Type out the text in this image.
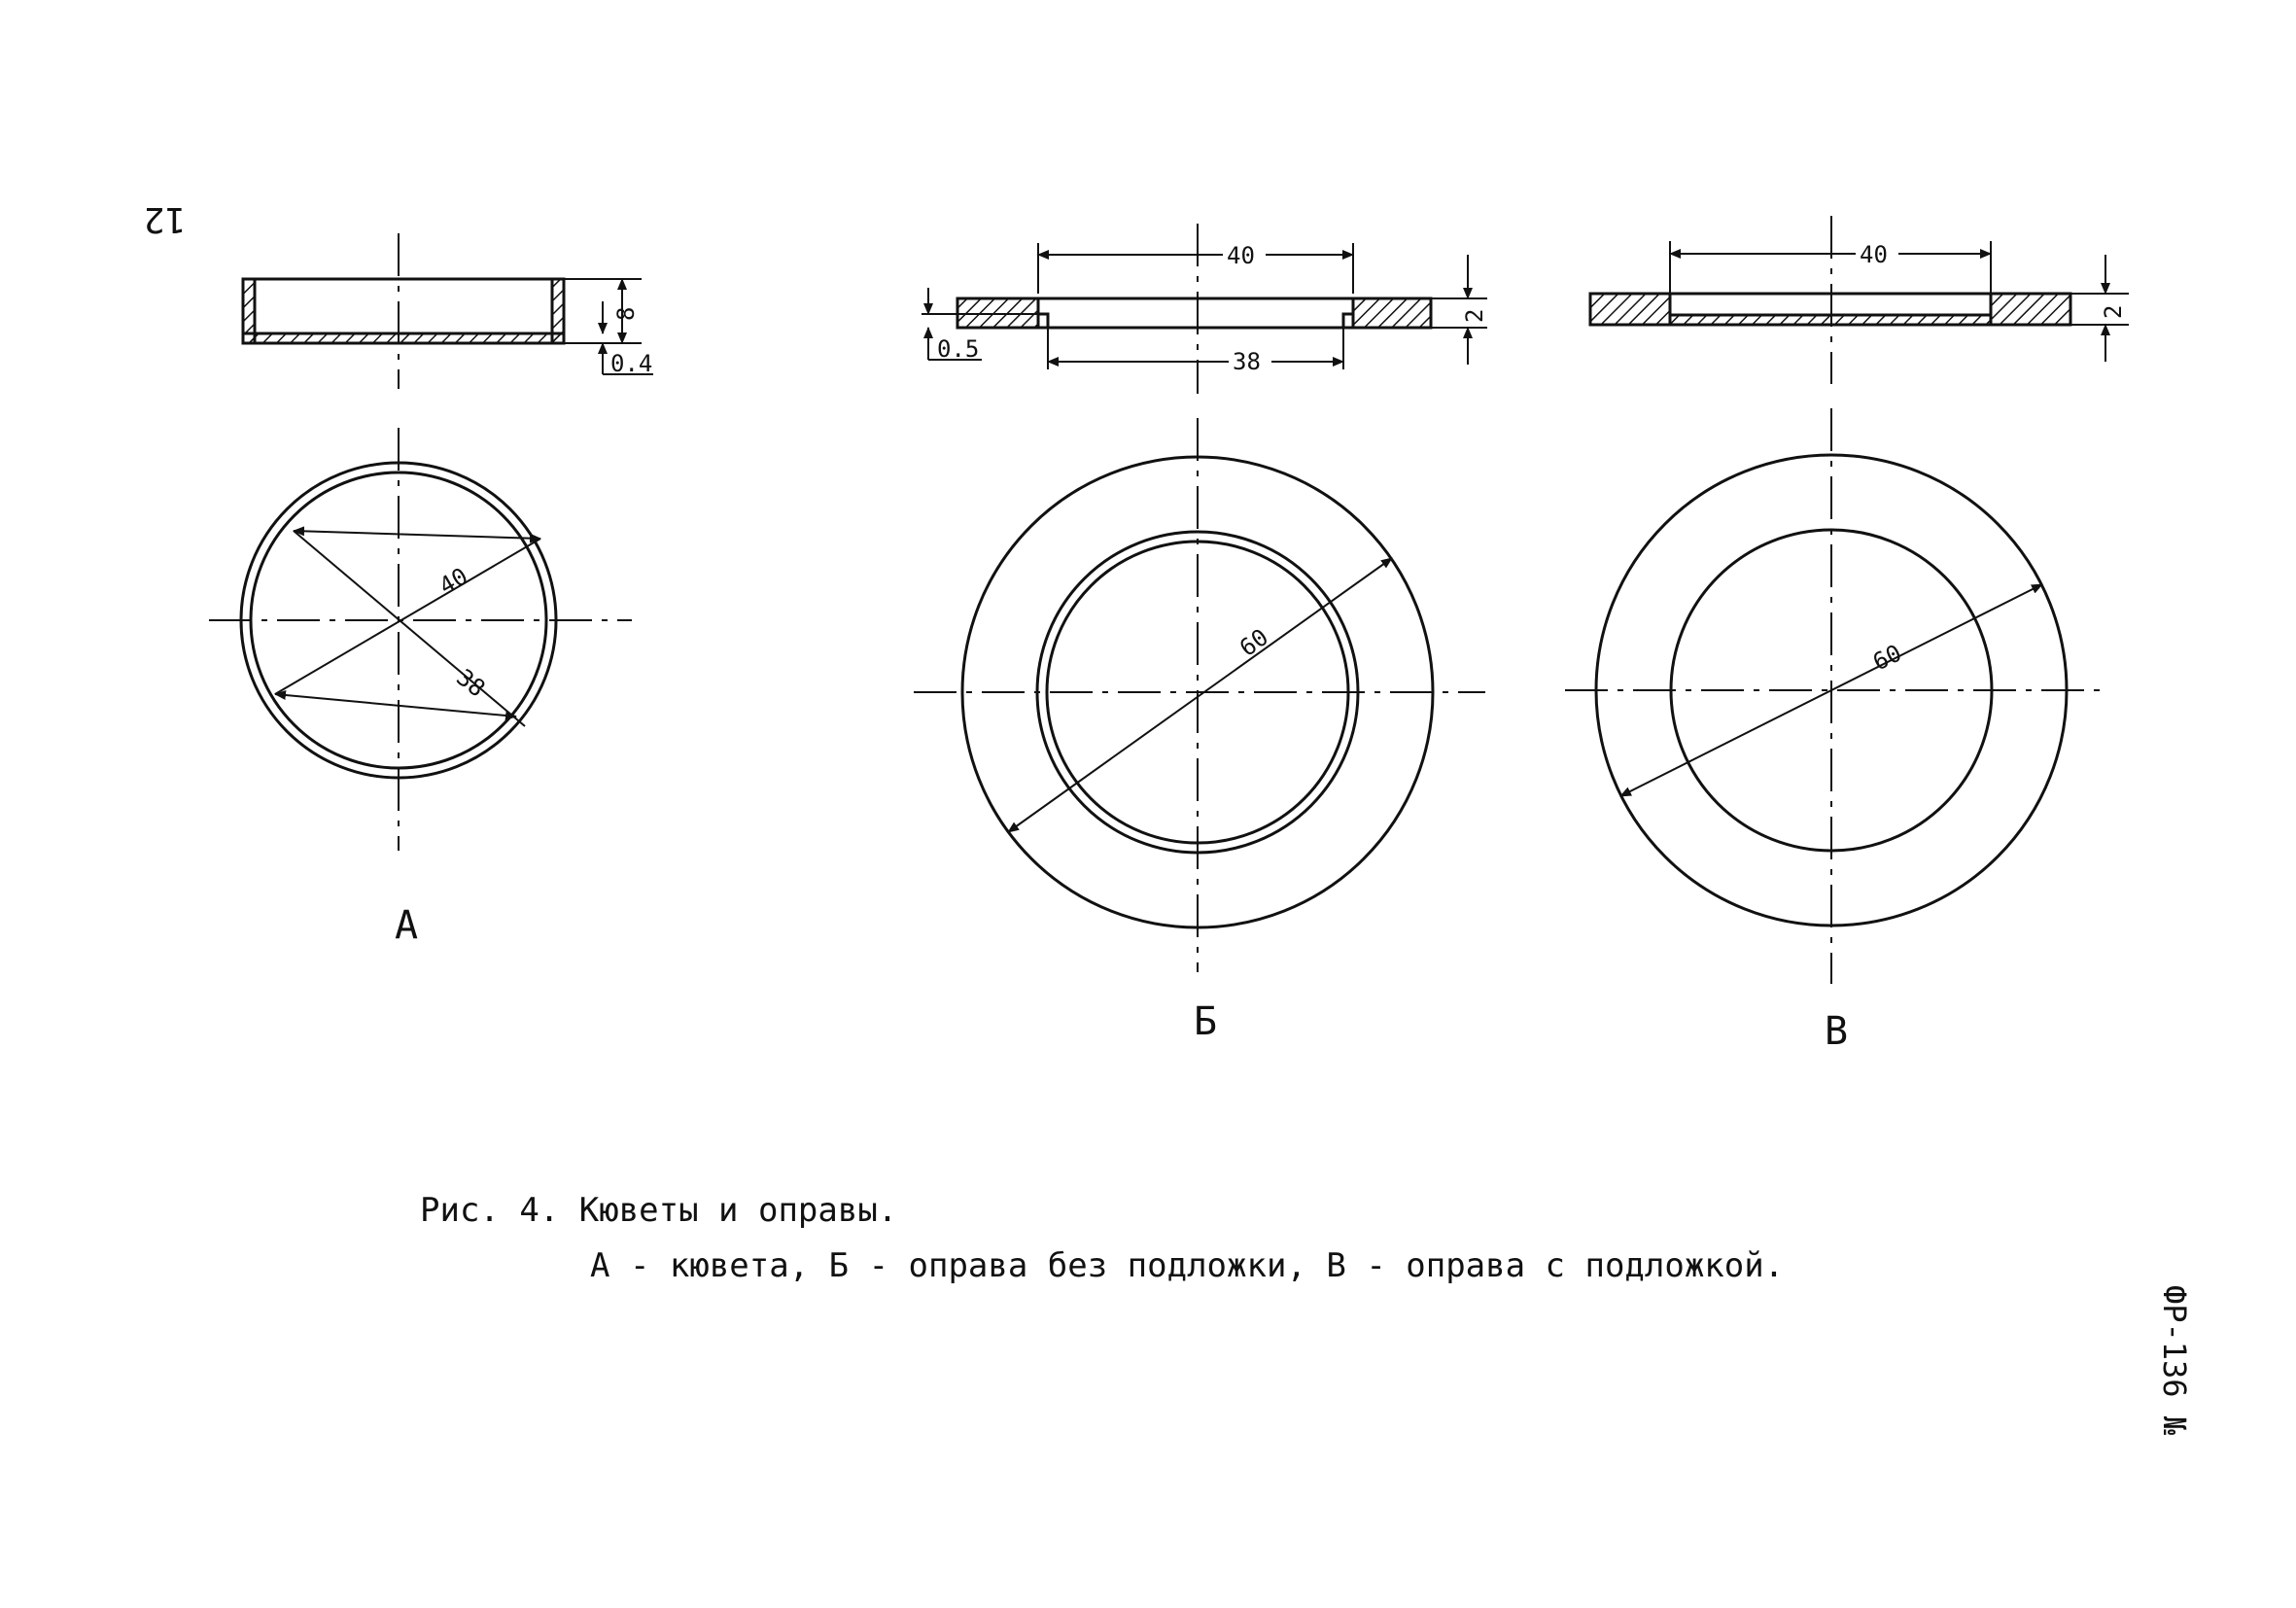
8
0.4
40
38
А
40
38
0.5
2
60
Б
40
2
60
В
12
ФР-136 №
Рис. 4. Кюветы и оправы.
А - кювета, Б - оправа без подложки, В - оправа с подложкой.
